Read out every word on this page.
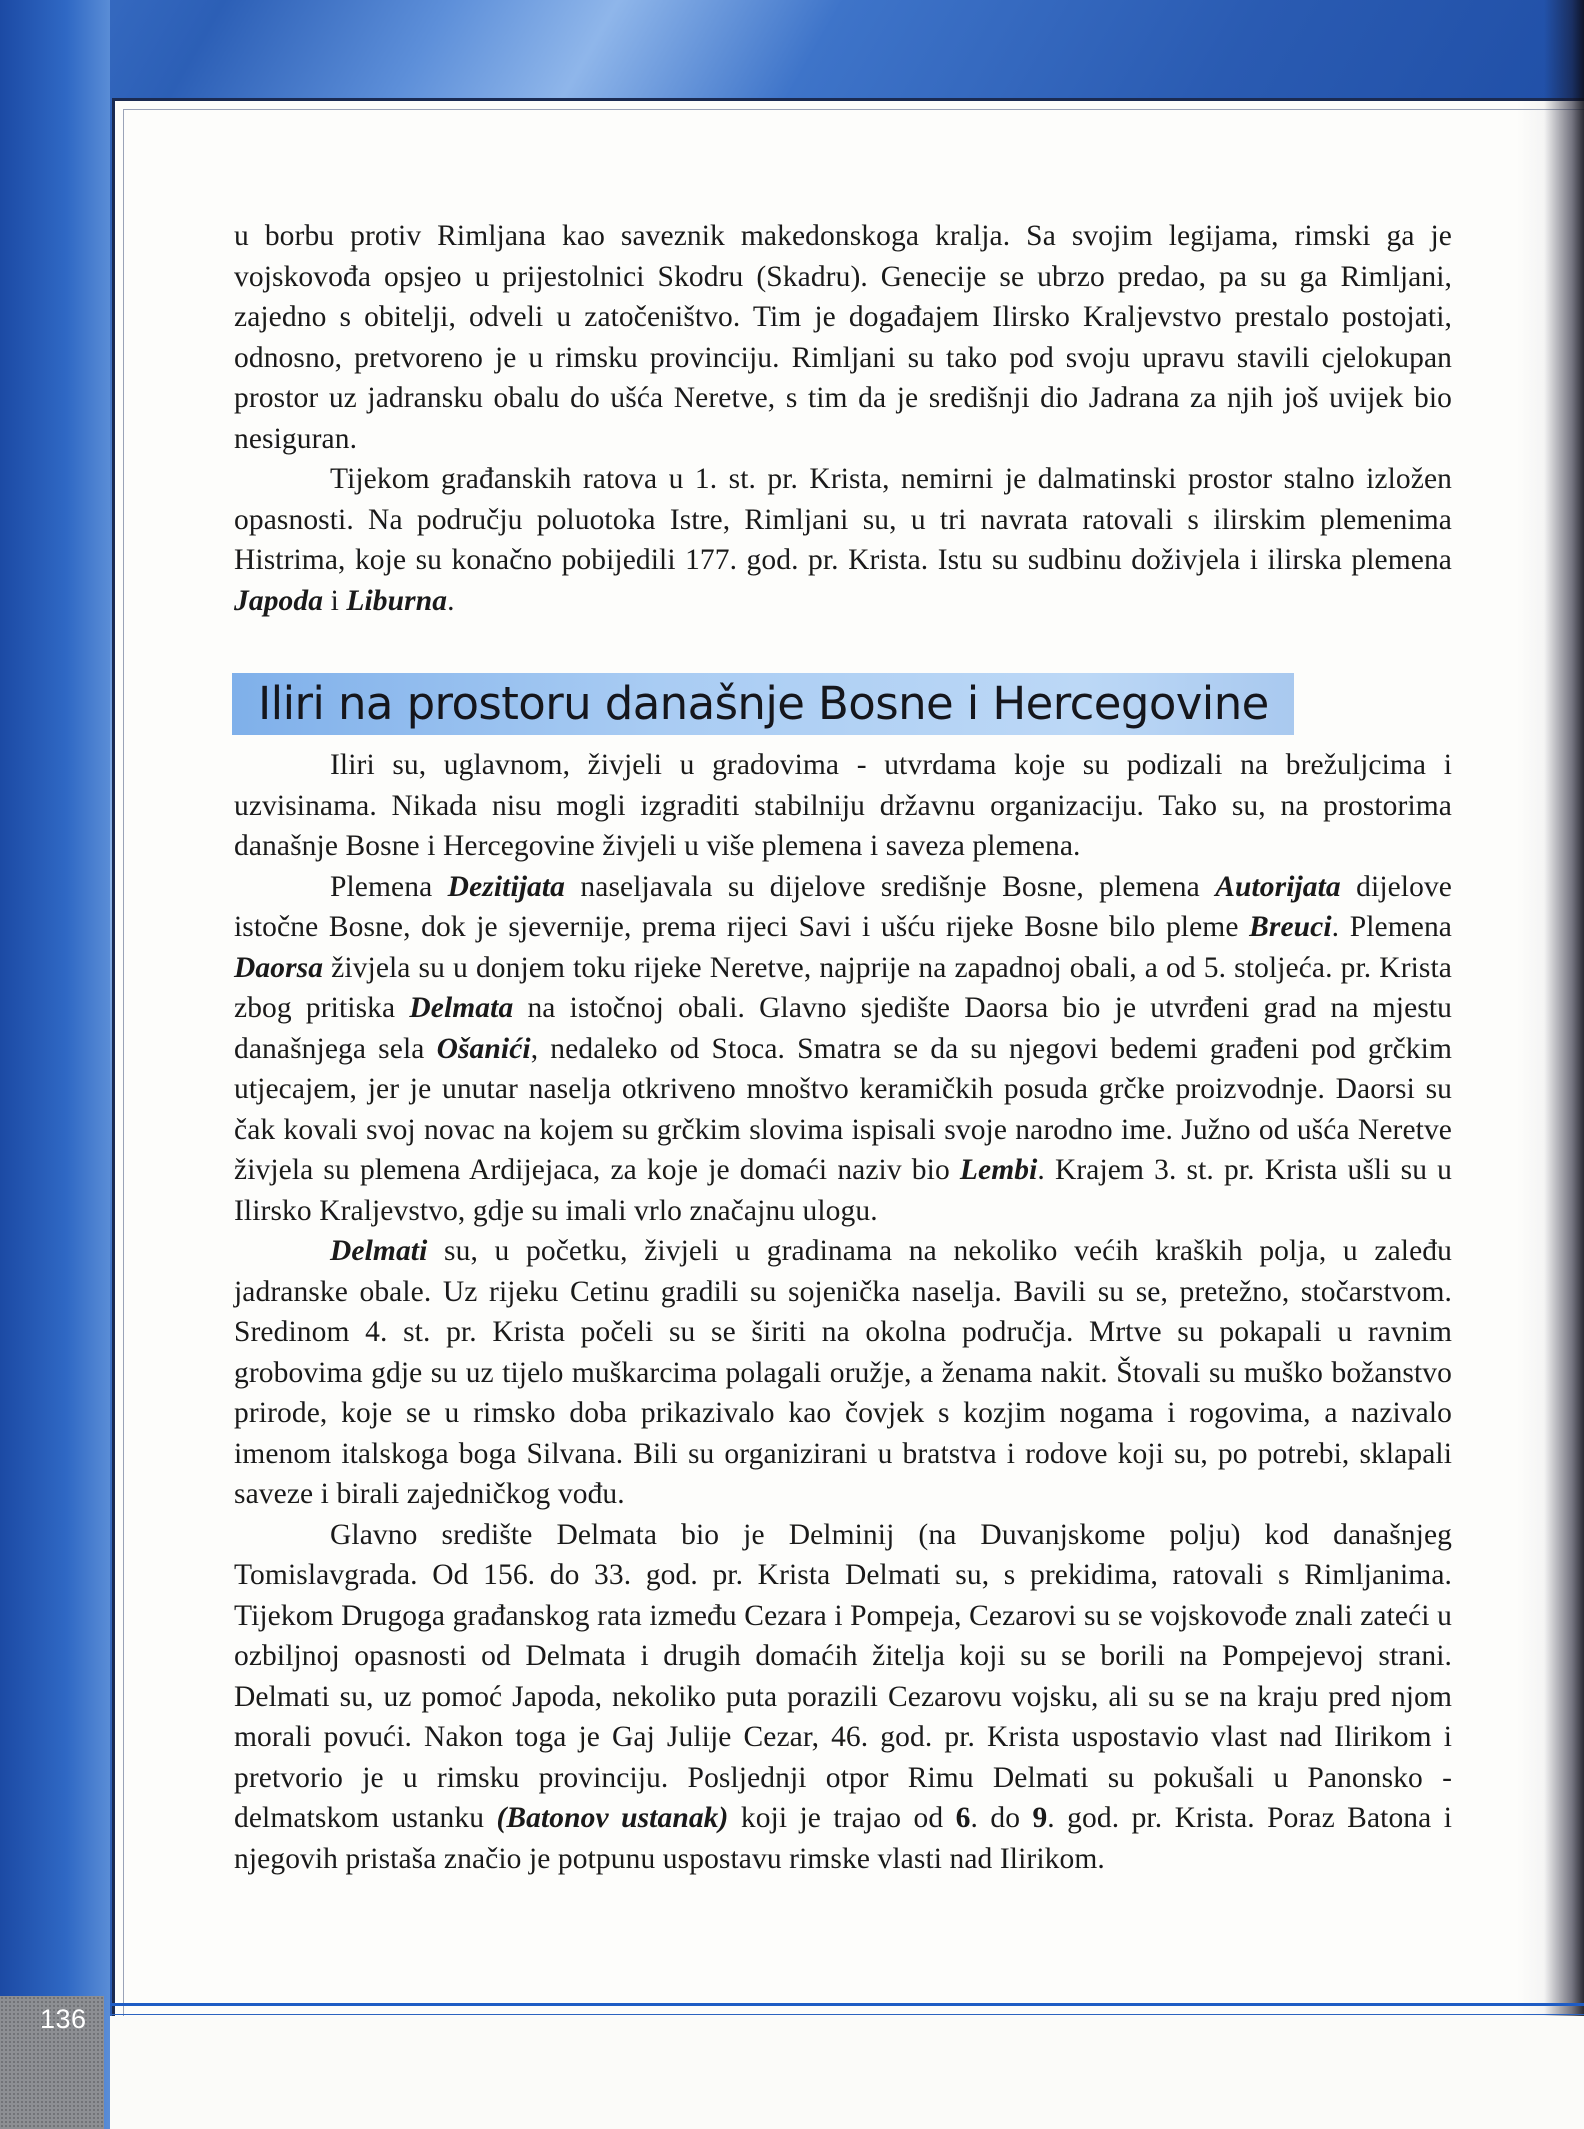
u borbu protiv Rimljana kao saveznik makedonskoga kralja. Sa svojim legijama, rimski ga je vojskovođa opsjeo u prijestolnici Skodru (Skadru). Genecije se ubrzo predao, pa su ga Rimljani, zajedno s obitelji, odveli u zatočeništvo. Tim je događajem Ilirsko Kraljevstvo prestalo postojati, odnosno, pretvoreno je u rimsku provinciju. Rimljani su tako pod svoju upravu stavili cjelokupan prostor uz jadransku obalu do ušća Neretve, s tim da je središnji dio Jadrana za njih još uvijek bio nesiguran.

Tijekom građanskih ratova u 1. st. pr. Krista, nemirni je dalmatinski prostor stalno izložen opasnosti. Na području poluotoka Istre, Rimljani su, u tri navrata ratovali s ilirskim plemenima Histrima, koje su konačno pobijedili 177. god. pr. Krista. Istu su sudbinu doživjela i ilirska plemena Japoda i Liburna.

Iliri na prostoru današnje Bosne i Hercegovine

Iliri su, uglavnom, živjeli u gradovima - utvrdama koje su podizali na brežuljcima i uzvisinama. Nikada nisu mogli izgraditi stabilniju državnu organizaciju. Tako su, na prostorima današnje Bosne i Hercegovine živjeli u više plemena i saveza plemena.

Plemena Dezitijata naseljavala su dijelove središnje Bosne, plemena Autorijata dijelove istočne Bosne, dok je sjevernije, prema rijeci Savi i ušću rijeke Bosne bilo pleme Breuci. Plemena Daorsa živjela su u donjem toku rijeke Neretve, najprije na zapadnoj obali, a od 5. stoljeća. pr. Krista zbog pritiska Delmata na istočnoj obali. Glavno sjedište Daorsa bio je utvrđeni grad na mjestu današnjega sela Ošanići, nedaleko od Stoca. Smatra se da su njegovi bedemi građeni pod grčkim utjecajem, jer je unutar naselja otkriveno mnoštvo keramičkih posuda grčke proizvodnje. Daorsi su čak kovali svoj novac na kojem su grčkim slovima ispisali svoje narodno ime. Južno od ušća Neretve živjela su plemena Ardijejaca, za koje je domaći naziv bio Lembi. Krajem 3. st. pr. Krista ušli su u Ilirsko Kraljevstvo, gdje su imali vrlo značajnu ulogu.

Delmati su, u početku, živjeli u gradinama na nekoliko većih kraških polja, u zaleđu jadranske obale. Uz rijeku Cetinu gradili su sojenička naselja. Bavili su se, pretežno, stočarstvom. Sredinom 4. st. pr. Krista počeli su se širiti na okolna područja. Mrtve su pokapali u ravnim grobovima gdje su uz tijelo muškarcima polagali oružje, a ženama nakit. Štovali su muško božanstvo prirode, koje se u rimsko doba prikazivalo kao čovjek s kozjim nogama i rogovima, a nazivalo imenom italskoga boga Silvana. Bili su organizirani u bratstva i rodove koji su, po potrebi, sklapali saveze i birali zajedničkog vođu.

Glavno središte Delmata bio je Delminij (na Duvanjskome polju) kod današnjeg Tomislavgrada. Od 156. do 33. god. pr. Krista Delmati su, s prekidima, ratovali s Rimljanima. Tijekom Drugoga građanskog rata između Cezara i Pompeja, Cezarovi su se vojskovođe znali zateći u ozbiljnoj opasnosti od Delmata i drugih domaćih žitelja koji su se borili na Pompejevoj strani. Delmati su, uz pomoć Japoda, nekoliko puta porazili Cezarovu vojsku, ali su se na kraju pred njom morali povući. Nakon toga je Gaj Julije Cezar, 46. god. pr. Krista uspostavio vlast nad Ilirikom i pretvorio je u rimsku provinciju. Posljednji otpor Rimu Delmati su pokušali u Panonsko - delmatskom ustanku (Batonov ustanak) koji je trajao od 6. do 9. god. pr. Krista. Poraz Batona i njegovih pristaša značio je potpunu uspostavu rimske vlasti nad Ilirikom.

136
